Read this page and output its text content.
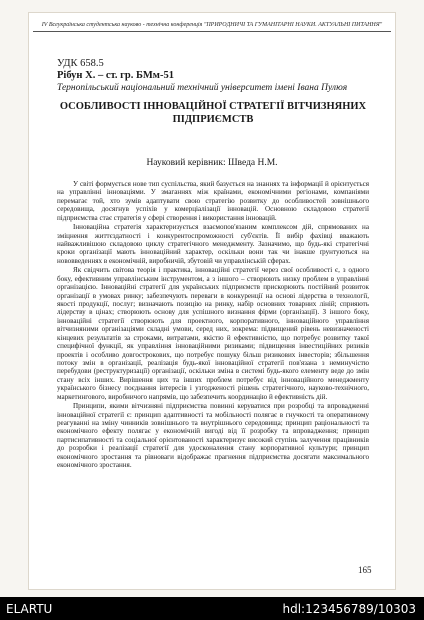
IV Всеукраїнська студентська науково - технічна конференція "ПРИРОДНИЧІ ТА ГУМАНІТАРНІ НАУКИ. АКТУАЛЬНІ ПИТАННЯ"
УДК 658.5
Рібун Х. – ст. гр. БМм-51
Тернопільський національний технічний університет імені Івана Пулюя
ОСОБЛИВОСТІ ІННОВАЦІЙНОЇ СТРАТЕГІЇ ВІТЧИЗНЯНИХ ПІДПРИЄМСТВ
Науковий керівник: Шведа Н.М.

У світі формується нове тип суспільства, який базується на знаннях та інформації й орієнтується на управлінні інноваціями. У змаганнях між країнами, економічними регіонами, компаніями перемагає той, хто зумів адаптувати свою стратегію розвитку до особливостей зовнішнього середовища, досягнув успіхів у комерціалізації інновацій. Основною складовою стратегії підприємства стає стратегія у сфері створення і використання інновацій.

Інноваційна стратегія характеризується взаємопов'язаним комплексом дій, спрямованих на зміцнення життєздатності і конкурентоспроможності суб'єктів. Її вибір фахівці вважають найважливішою складовою циклу стратегічного менеджменту. Зазначимо, що будь-які стратегічні кроки організації мають інноваційний характер, оскільки вони так чи інакше ґрунтуються на нововведеннях в економічній, виробничій, збутовій чи управлінській сферах.

Як свідчить світова теорія і практика, інноваційні стратегії через свої особливості є, з одного боку, ефективним управлінським інструментом, а з іншого – створюють низку проблем в управлінні організацією. Інноваційні стратегії для українських підприємств прискорюють постійний розвиток організації в умовах ринку; забезпечують переваги в конкуренції на основі лідерства в технології, якості продукції, послуг; визначають позицію на ринку, набір основних товарних ліній; сприяють лідерству в цінах; створюють основу для успішного визнання фірми (організації). З іншого боку, інноваційні стратегії створюють для проектного, корпоративного, інноваційного управління вітчизняними організаціями складні умови, серед них, зокрема: підвищений рівень невизначеності кінцевих результатів за строками, витратами, якістю й ефективністю, що потребує розвитку такої специфічної функції, як управління інноваційними ризиками; підвищення інвестиційних ризиків проектів і особливо довгострокових, що потребує пошуку більш ризикових інвесторів; збільшення потоку змін в організації, реалізація будь-якої інноваційної стратегії пов'язана з неминучістю перебудови (реструктуризації) організації, оскільки зміна в системі будь-якого елементу веде до змін стану всіх інших. Вирішення цих та інших проблем потребує від інноваційного менеджменту українського бізнесу поєднання інтересів і узгодженості рішень стратегічного, науково-технічного, маркетингового, виробничого напрямів, що забезпечить координацію й ефективність дій.

Принципи, якими вітчизняні підприємства повинні керуватися при розробці та впровадженні інноваційної стратегії є: принцип адаптивності та мобільності полягає в гнучкості та оперативному реагуванні на зміну чинників зовнішнього та внутрішнього середовища; принцип раціональності та економічного ефекту полягає у економічній вигоді від її розробку та впровадження; принцип партисипативності та соціальної орієнтованості характеризує високий ступінь залучення працівників до розробки і реалізації стратегії для удосконалення стану корпоративної культури; принцип економічного зростання та рівноваги відображає прагнення підприємства досягати максимального економічного зростання.

165
ELARTU	hdl:123456789/10303
